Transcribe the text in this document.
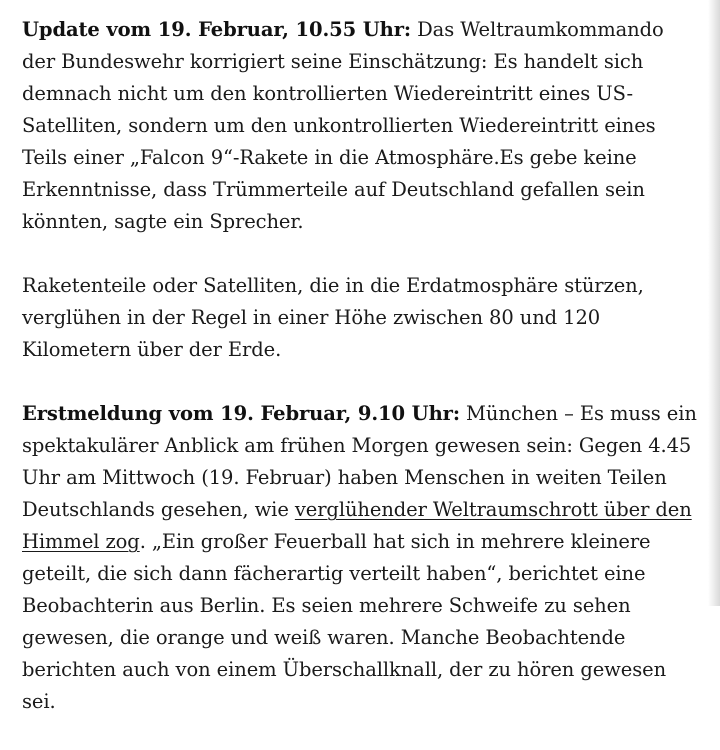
Update vom 19. Februar, 10.55 Uhr: Das Weltraumkommando der Bundeswehr korrigiert seine Einschätzung: Es handelt sich demnach nicht um den kontrollierten Wiedereintritt eines US-Satelliten, sondern um den unkontrollierten Wiedereintritt eines Teils einer „Falcon 9“-Rakete in die Atmosphäre.Es gebe keine Erkenntnisse, dass Trümmerteile auf Deutschland gefallen sein könnten, sagte ein Sprecher.

Raketenteile oder Satelliten, die in die Erdatmosphäre stürzen, verglühen in der Regel in einer Höhe zwischen 80 und 120 Kilometern über der Erde.

Erstmeldung vom 19. Februar, 9.10 Uhr: München – Es muss ein spektakulärer Anblick am frühen Morgen gewesen sein: Gegen 4.45 Uhr am Mittwoch (19. Februar) haben Menschen in weiten Teilen Deutschlands gesehen, wie verglühender Weltraumschrott über den Himmel zog. „Ein großer Feuerball hat sich in mehrere kleinere geteilt, die sich dann fächerartig verteilt haben“, berichtet eine Beobachterin aus Berlin. Es seien mehrere Schweife zu sehen gewesen, die orange und weiß waren. Manche Beobachtende berichten auch von einem Überschallknall, der zu hören gewesen sei.
